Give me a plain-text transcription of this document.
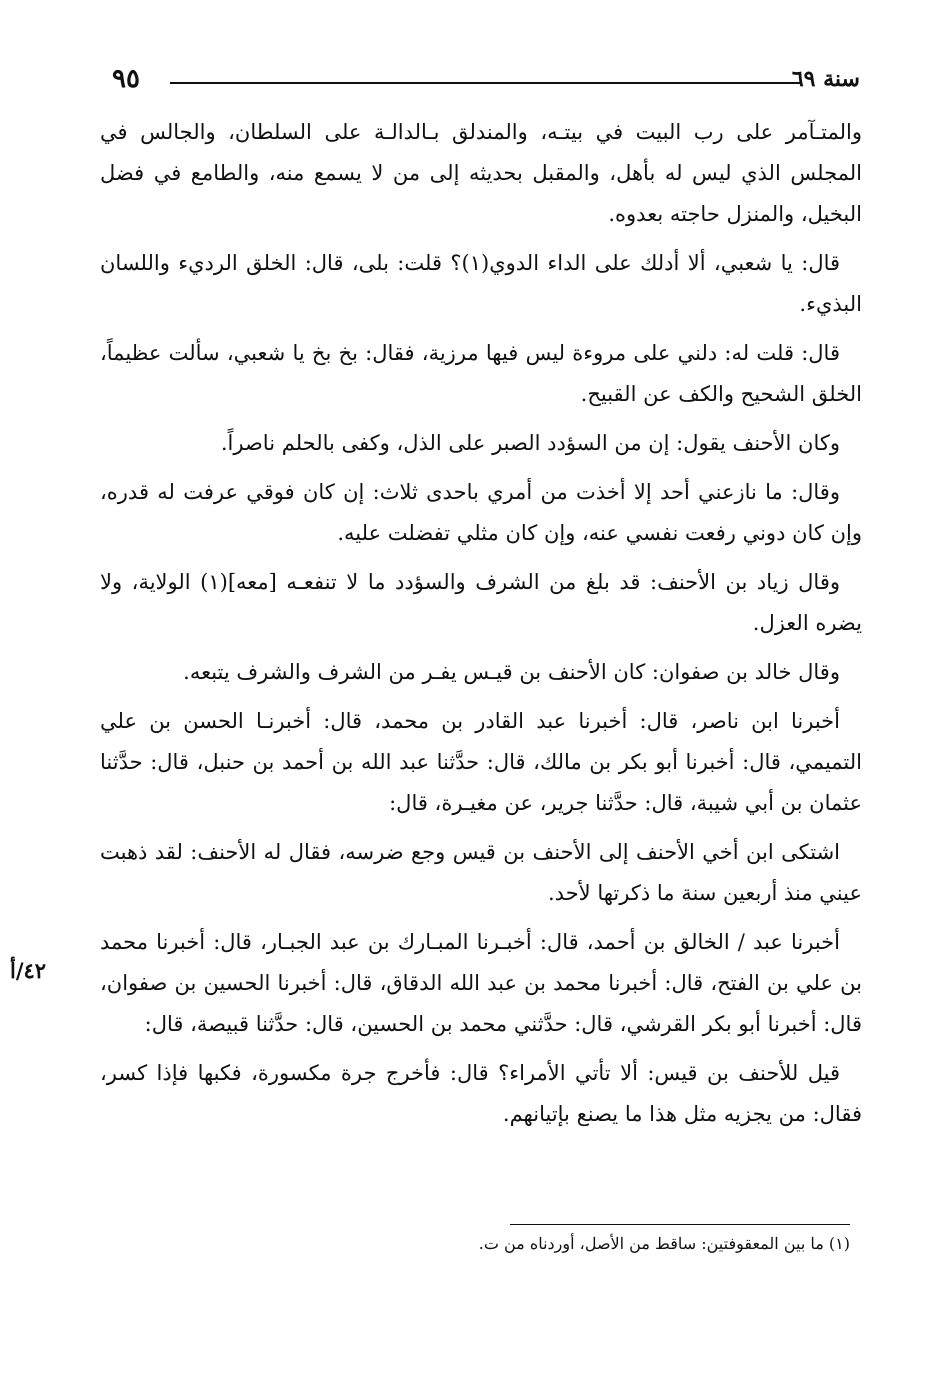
٩٥	سنة ٦٩
٤٢/أ

والمتـآمر على رب البيت في بيتـه، والمندلق بـالدالـة على السلطان، والجالس في المجلس الذي ليس له بأهل، والمقبل بحديثه إلى من لا يسمع منه، والطامع في فضل البخيل، والمنزل حاجته بعدوه.

قال: يا شعبي، ألا أدلك على الداء الدوي(١)؟ قلت: بلى، قال: الخلق الرديء واللسان البذيء.

قال: قلت له: دلني على مروءة ليس فيها مرزية، فقال: بخ بخ يا شعبي، سألت عظيماً، الخلق الشحيح والكف عن القبيح.

وكان الأحنف يقول: إن من السؤدد الصبر على الذل، وكفى بالحلم ناصراً.

وقال: ما نازعني أحد إلا أخذت من أمري باحدى ثلاث: إن كان فوقي عرفت له قدره، وإن كان دوني رفعت نفسي عنه، وإن كان مثلي تفضلت عليه.

وقال زياد بن الأحنف: قد بلغ من الشرف والسؤدد ما لا تنفعـه [معه](١) الولاية، ولا يضره العزل.

وقال خالد بن صفوان: كان الأحنف بن قيـس يفـر من الشرف والشرف يتبعه.

أخبرنا ابن ناصر، قال: أخبرنا عبد القادر بن محمد، قال: أخبرنـا الحسن بن علي التميمي، قال: أخبرنا أبو بكر بن مالك، قال: حدَّثنا عبد الله بن أحمد بن حنبل، قال: حدَّثنا عثمان بن أبي شيبة، قال: حدَّثنا جرير، عن مغيـرة، قال:

اشتكى ابن أخي الأحنف إلى الأحنف بن قيس وجع ضرسه، فقال له الأحنف: لقد ذهبت عيني منذ أربعين سنة ما ذكرتها لأحد.

أخبرنا عبد / الخالق بن أحمد، قال: أخبـرنا المبـارك بن عبد الجبـار، قال: أخبرنا محمد بن علي بن الفتح، قال: أخبرنا محمد بن عبد الله الدقاق، قال: أخبرنا الحسين بن صفوان، قال: أخبرنا أبو بكر القرشي، قال: حدَّثني محمد بن الحسين، قال: حدَّثنا قبيصة، قال:

قيل للأحنف بن قيس: ألا تأتي الأمراء؟ قال: فأخرج جرة مكسورة، فكبها فإذا كسر، فقال: من يجزيه مثل هذا ما يصنع بإتيانهم.

(١) ما بين المعقوفتين: ساقط من الأصل، أوردناه من ت.
